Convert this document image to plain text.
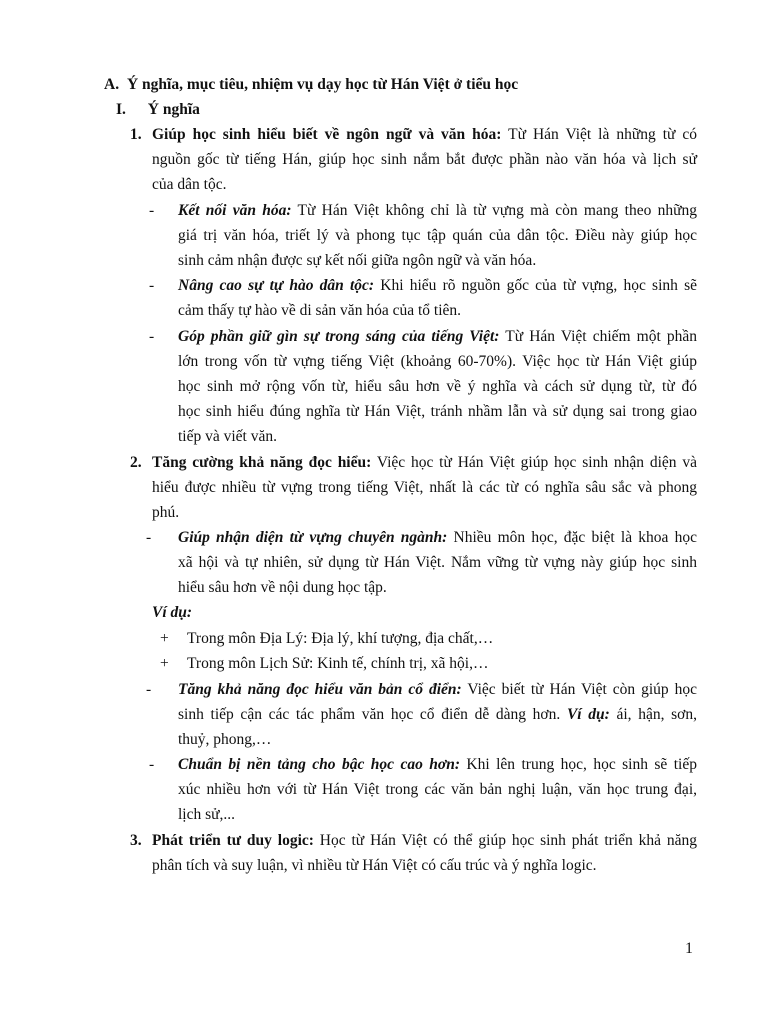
A. Ý nghĩa, mục tiêu, nhiệm vụ dạy học từ Hán Việt ở tiểu học
I. Ý nghĩa
1. Giúp học sinh hiểu biết về ngôn ngữ và văn hóa: Từ Hán Việt là những từ có
nguồn gốc từ tiếng Hán, giúp học sinh nắm bắt được phần nào văn hóa và lịch sử
của dân tộc.
- Kết nối văn hóa: Từ Hán Việt không chỉ là từ vựng mà còn mang theo những
giá trị văn hóa, triết lý và phong tục tập quán của dân tộc. Điều này giúp học
sinh cảm nhận được sự kết nối giữa ngôn ngữ và văn hóa.
- Nâng cao sự tự hào dân tộc: Khi hiểu rõ nguồn gốc của từ vựng, học sinh sẽ
cảm thấy tự hào về di sản văn hóa của tổ tiên.
- Góp phần giữ gìn sự trong sáng của tiếng Việt: Từ Hán Việt chiếm một phần
lớn trong vốn từ vựng tiếng Việt (khoảng 60-70%). Việc học từ Hán Việt giúp
học sinh mở rộng vốn từ, hiểu sâu hơn về ý nghĩa và cách sử dụng từ, từ đó
học sinh hiểu đúng nghĩa từ Hán Việt, tránh nhầm lẫn và sử dụng sai trong giao
tiếp và viết văn.
2. Tăng cường khả năng đọc hiểu: Việc học từ Hán Việt giúp học sinh nhận diện và
hiểu được nhiều từ vựng trong tiếng Việt, nhất là các từ có nghĩa sâu sắc và phong
phú.
- Giúp nhận diện từ vựng chuyên ngành: Nhiều môn học, đặc biệt là khoa học
xã hội và tự nhiên, sử dụng từ Hán Việt. Nắm vững từ vựng này giúp học sinh
hiểu sâu hơn về nội dung học tập.
Ví dụ:
+ Trong môn Địa Lý: Địa lý, khí tượng, địa chất,…
+ Trong môn Lịch Sử: Kinh tế, chính trị, xã hội,…
- Tăng khả năng đọc hiểu văn bản cổ điển: Việc biết từ Hán Việt còn giúp học
sinh tiếp cận các tác phẩm văn học cổ điển dễ dàng hơn. Ví dụ: ái, hận, sơn,
thuỷ, phong,…
- Chuẩn bị nền tảng cho bậc học cao hơn: Khi lên trung học, học sinh sẽ tiếp
xúc nhiều hơn với từ Hán Việt trong các văn bản nghị luận, văn học trung đại,
lịch sử,...
3. Phát triển tư duy logic: Học từ Hán Việt có thể giúp học sinh phát triển khả năng
phân tích và suy luận, vì nhiều từ Hán Việt có cấu trúc và ý nghĩa logic.
1
